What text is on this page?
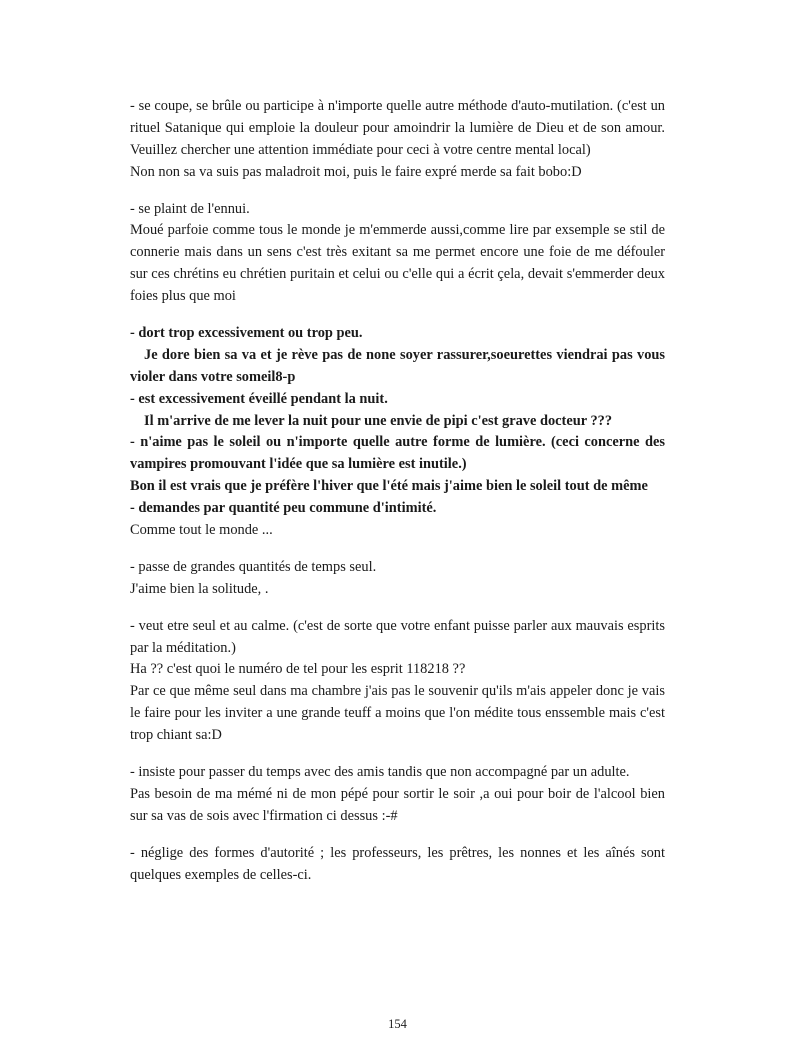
- se coupe, se brûle ou participe à n'importe quelle autre méthode d'auto-mutilation. (c'est un rituel Satanique qui emploie la douleur pour amoindrir la lumière de Dieu et de son amour. Veuillez chercher une attention immédiate pour ceci à votre centre mental local)

Non non sa va suis pas maladroit moi, puis le faire expré merde sa fait bobo:D

- se plaint de l'ennui.

Moué parfoie comme tous le monde je m'emmerde aussi,comme lire par exsemple se stil de connerie mais dans un sens c'est très exitant sa me permet encore une foie de me défouler sur ces chrétins eu chrétien puritain et celui ou c'elle qui a écrit çela, devait s'emmerder deux foies plus que moi

- dort trop excessivement ou trop peu.

Je dore bien sa va et je rève pas de none soyer rassurer,soeurettes viendrai pas vous violer dans votre someil8-p

- est excessivement éveillé pendant la nuit.

Il m'arrive de me lever la nuit pour une envie de pipi c'est grave docteur ???

- n'aime pas le soleil ou n'importe quelle autre forme de lumière. (ceci concerne des vampires promouvant l'idée que sa lumière est inutile.)

Bon il est vrais que je préfère l'hiver que l'été mais j'aime bien le soleil tout de même

- demandes par quantité peu commune d'intimité.

Comme tout le monde ...

- passe de grandes quantités de temps seul.

J'aime bien la solitude, .

- veut etre seul et au calme. (c'est de sorte que votre enfant puisse parler aux mauvais esprits par la méditation.)

Ha ?? c'est quoi le numéro de tel pour les esprit 118218 ??

Par ce que même seul dans ma chambre j'ais pas le souvenir qu'ils m'ais appeler donc je vais le faire pour les inviter a une grande teuff a moins que l'on médite tous enssemble mais c'est trop chiant sa:D

- insiste pour passer du temps avec des amis tandis que non accompagné par un adulte.

Pas besoin de ma mémé ni de mon pépé pour sortir le soir ,a oui pour boir de l'alcool bien sur sa vas de sois avec l'firmation ci dessus :-#

- néglige des formes d'autorité ; les professeurs, les prêtres, les nonnes et les aînés sont quelques exemples de celles-ci.

154
